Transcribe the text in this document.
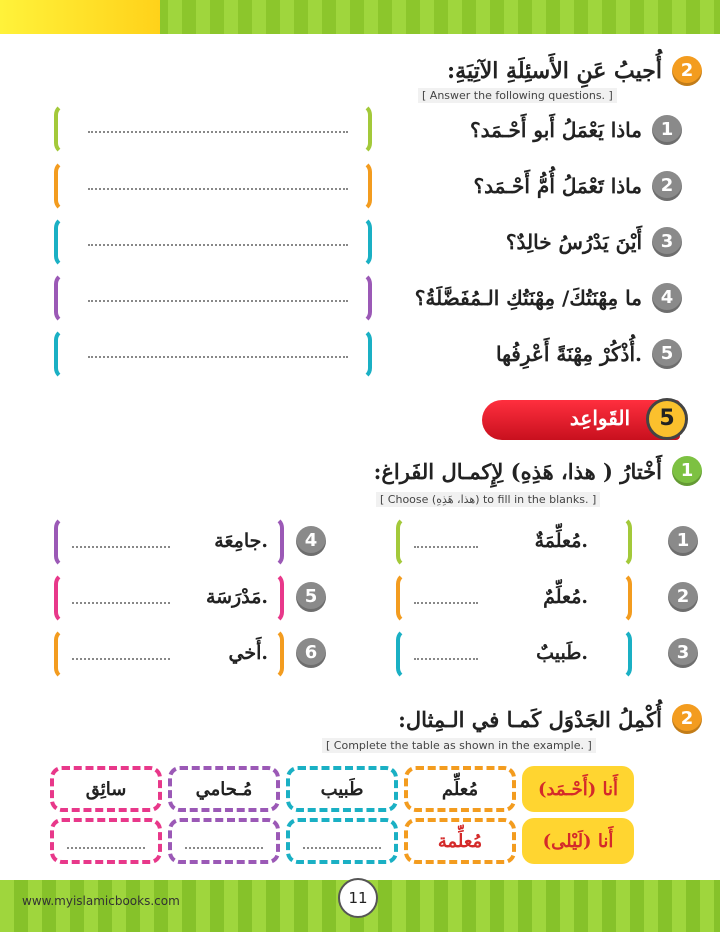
2
أُجيبُ عَنِ الأَسئِلَةِ الآتِيَةِ:
[ Answer the following questions. ]
1
ماذا يَعْمَلُ أَبو أَحْـمَد؟
2
ماذا تَعْمَلُ أُمُّ أَحْـمَد؟
3
أَيْنَ يَدْرُسُ خالِدٌ؟
4
ما مِهْنَتُكَ/ مِهْنَتُكِ الـمُفَضَّلَةُ؟
5
أُذْكُرْ مِهْنَةً أَعْرِفُها.
القَواعِد	5
1
أَخْتارُ ( هذا، هَذِهِ) لِإِكمـال الفَراغ:
[ Choose (هذا، هَذِهِ) to fill in the blanks. ]
1
مُعلِّمَةٌ.
2
مُعلِّمٌ.
3
طَبيبٌ.
4
جامِعَة.
5
مَدْرَسَة.
6
أَخي.
2
أُكْمِلُ الجَدْوَل كَمـا في الـمِثال:
[ Complete the table as shown in the example. ]
أَنا (أَحْـمَد)	مُعلِّم	طَبيب	مُـحامي	سائِق
أَنا (لَيْلى)	مُعلِّمة	

www.myislamicbooks.com	11
